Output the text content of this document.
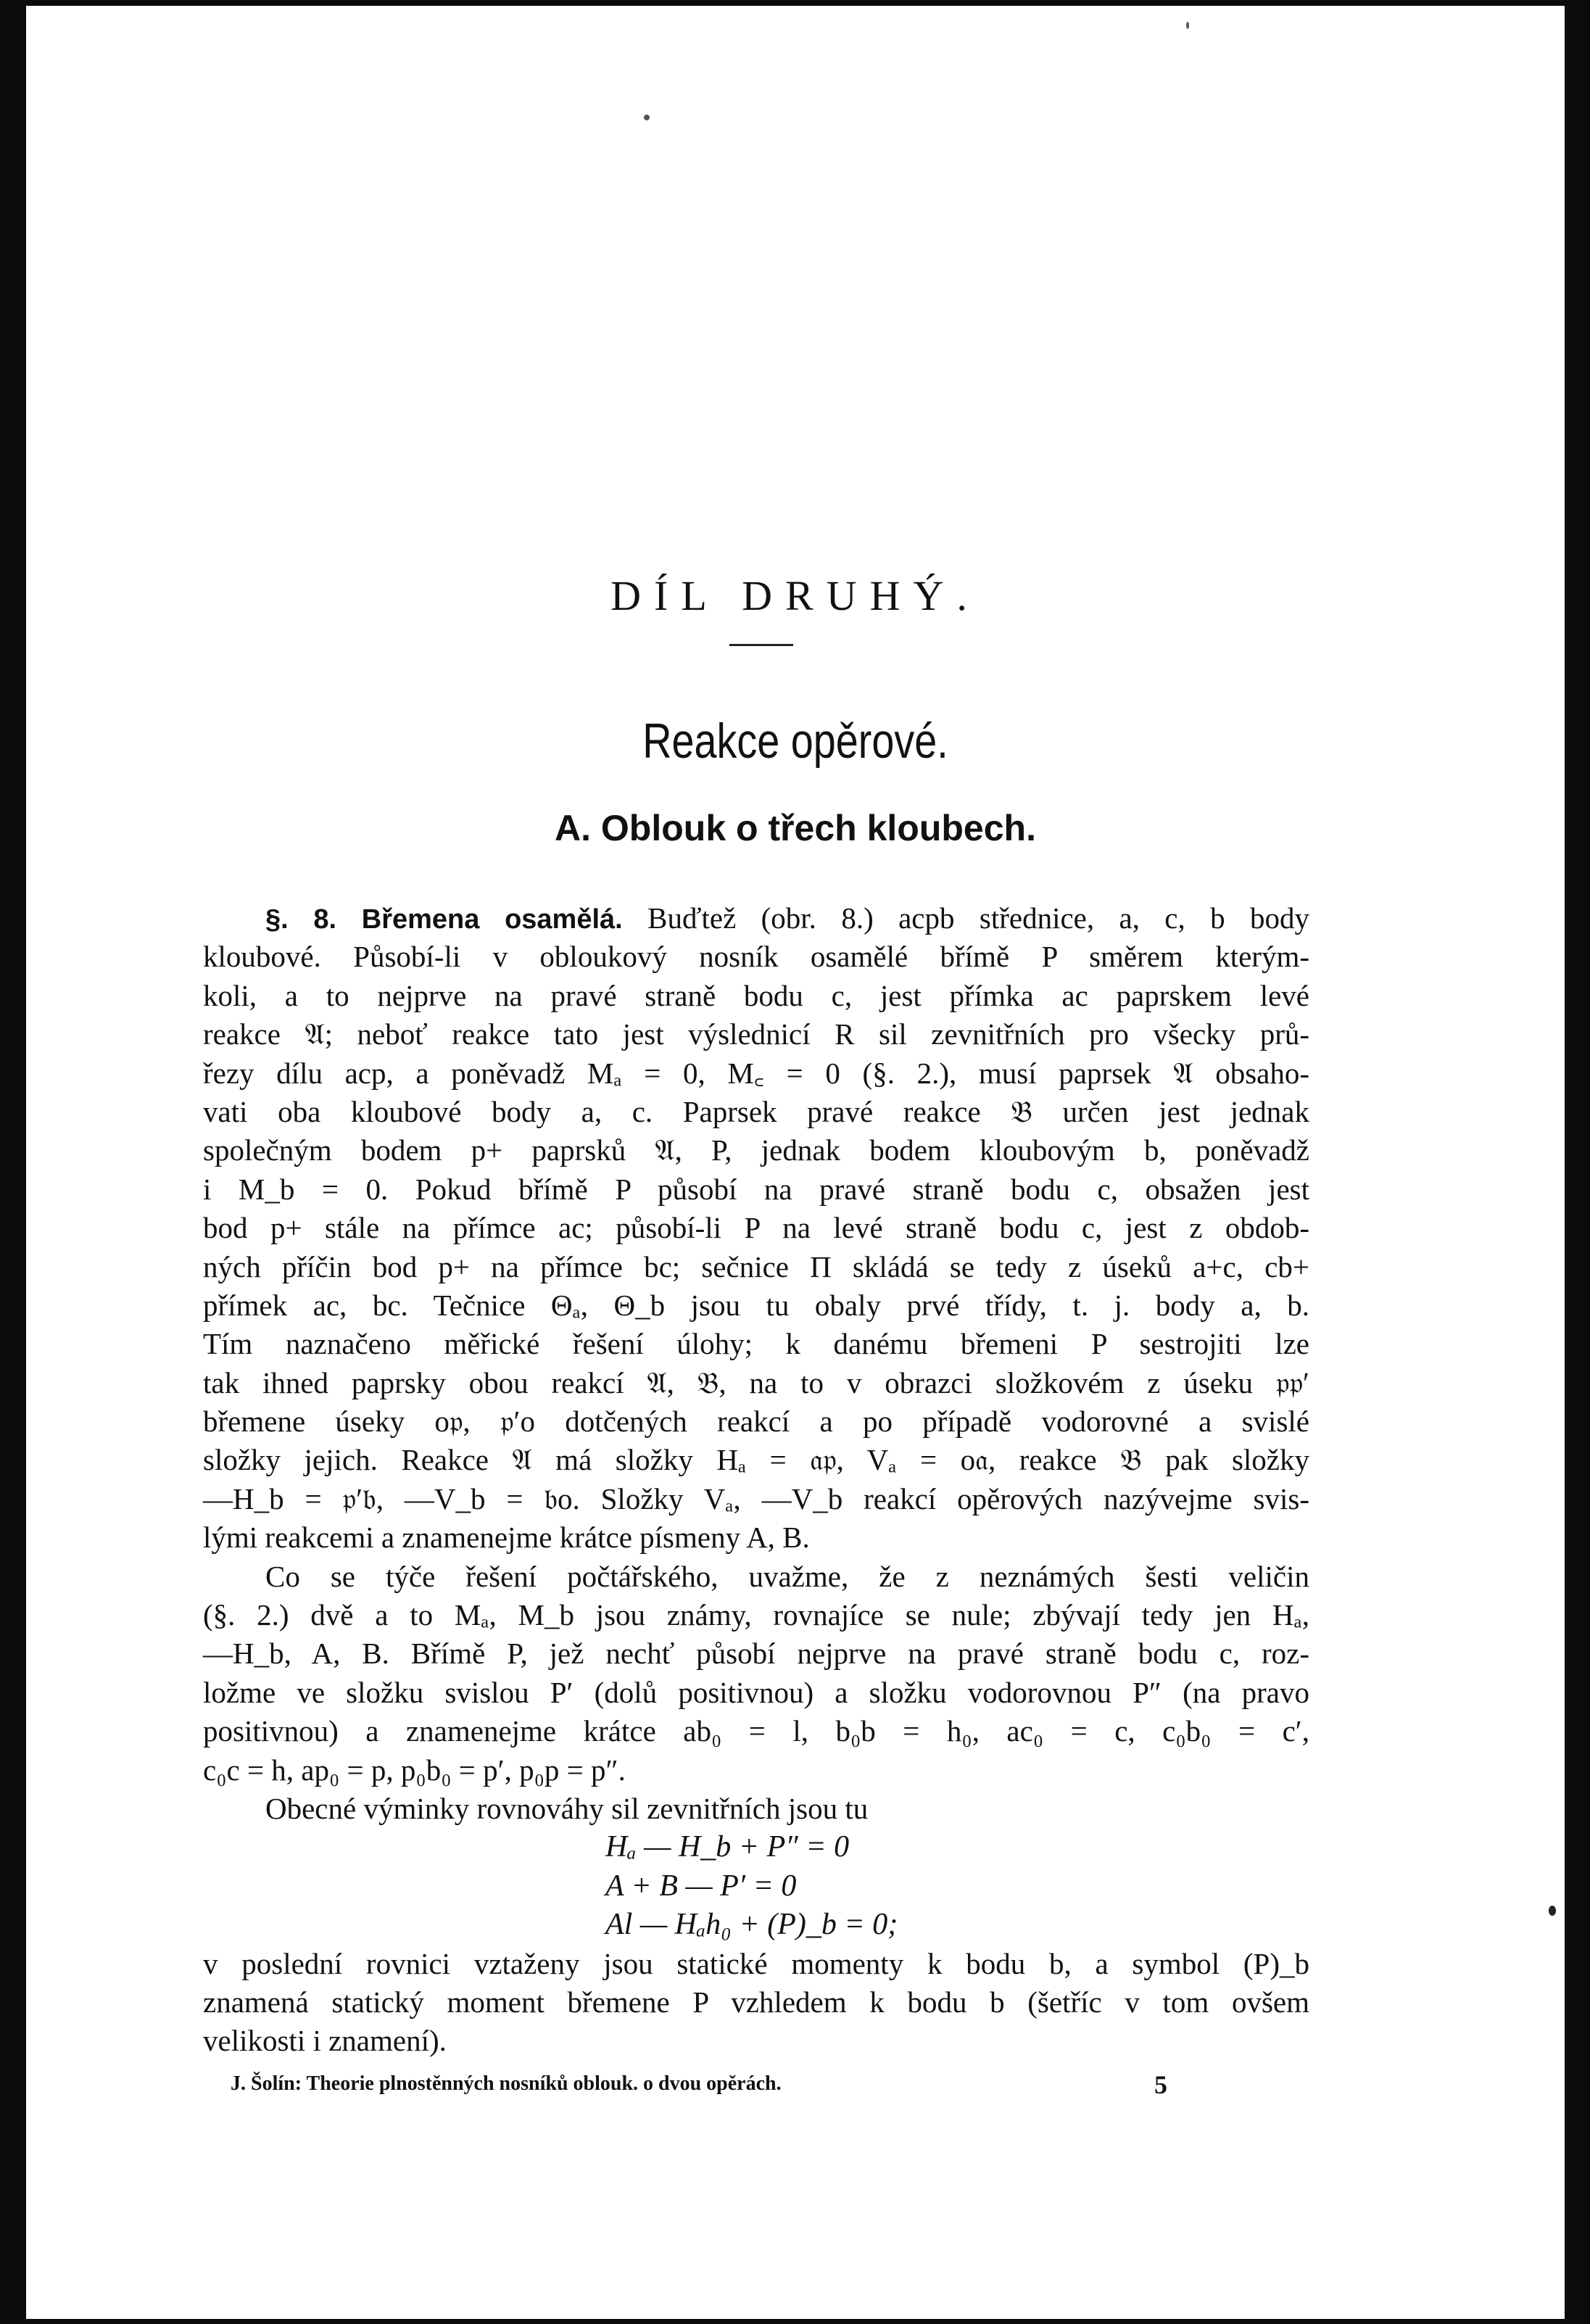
DÍL DRUHÝ.
Reakce opěrové.
A. Oblouk o třech kloubech.
§. 8. Břemena osamělá. Buďtež (obr. 8.) acpb střednice, a, c, b body
kloubové. Působí-li v obloukový nosník osamělé břímě P směrem kterým-
koli, a to nejprve na pravé straně bodu c, jest přímka ac paprskem levé
reakce 𝔄; neboť reakce tato jest výslednicí R sil zevnitřních pro všecky prů-
řezy dílu acp, a poněvadž Mₐ = 0, M꜀ = 0 (§. 2.), musí paprsek 𝔄 obsaho-
vati oba kloubové body a, c. Paprsek pravé reakce 𝔅 určen jest jednak
společným bodem p+ paprsků 𝔄, P, jednak bodem kloubovým b, poněvadž
i M_b = 0. Pokud břímě P působí na pravé straně bodu c, obsažen jest
bod p+ stále na přímce ac; působí-li P na levé straně bodu c, jest z obdob-
ných příčin bod p+ na přímce bc; sečnice Π skládá se tedy z úseků a+c, cb+
přímek ac, bc. Tečnice Θₐ, Θ_b jsou tu obaly prvé třídy, t. j. body a, b.
Tím naznačeno měřické řešení úlohy; k danému břemeni P sestrojiti lze
tak ihned paprsky obou reakcí 𝔄, 𝔅, na to v obrazci složkovém z úseku 𝔭𝔭′
břemene úseky o𝔭, 𝔭′o dotčených reakcí a po případě vodorovné a svislé
složky jejich. Reakce 𝔄 má složky Hₐ = 𝔞𝔭, Vₐ = o𝔞, reakce 𝔅 pak složky
—H_b = 𝔭′𝔟, —V_b = 𝔟o. Složky Vₐ, —V_b reakcí opěrových nazývejme svis-
lými reakcemi a znamenejme krátce písmeny A, B.
Co se týče řešení počtářského, uvažme, že z neznámých šesti veličin
(§. 2.) dvě a to Mₐ, M_b jsou známy, rovnajíce se nule; zbývají tedy jen Hₐ,
—H_b, A, B. Břímě P, jež nechť působí nejprve na pravé straně bodu c, roz-
ložme ve složku svislou P′ (dolů positivnou) a složku vodorovnou P″ (na pravo
positivnou) a znamenejme krátce ab₀ = l, b₀b = h₀, ac₀ = c, c₀b₀ = c′,
c₀c = h, ap₀ = p, p₀b₀ = p′, p₀p = p″.
Obecné výminky rovnováhy sil zevnitřních jsou tu
Hₐ — H_b + P″ = 0
A + B — P′ = 0
Al — Hₐh₀ + (P)_b = 0;
v poslední rovnici vztaženy jsou statické momenty k bodu b, a symbol (P)_b
znamená statický moment břemene P vzhledem k bodu b (šetříc v tom ovšem
velikosti i znamení).
J. Šolín: Theorie plnostěnných nosníků oblouk. o dvou opěrách.	5
